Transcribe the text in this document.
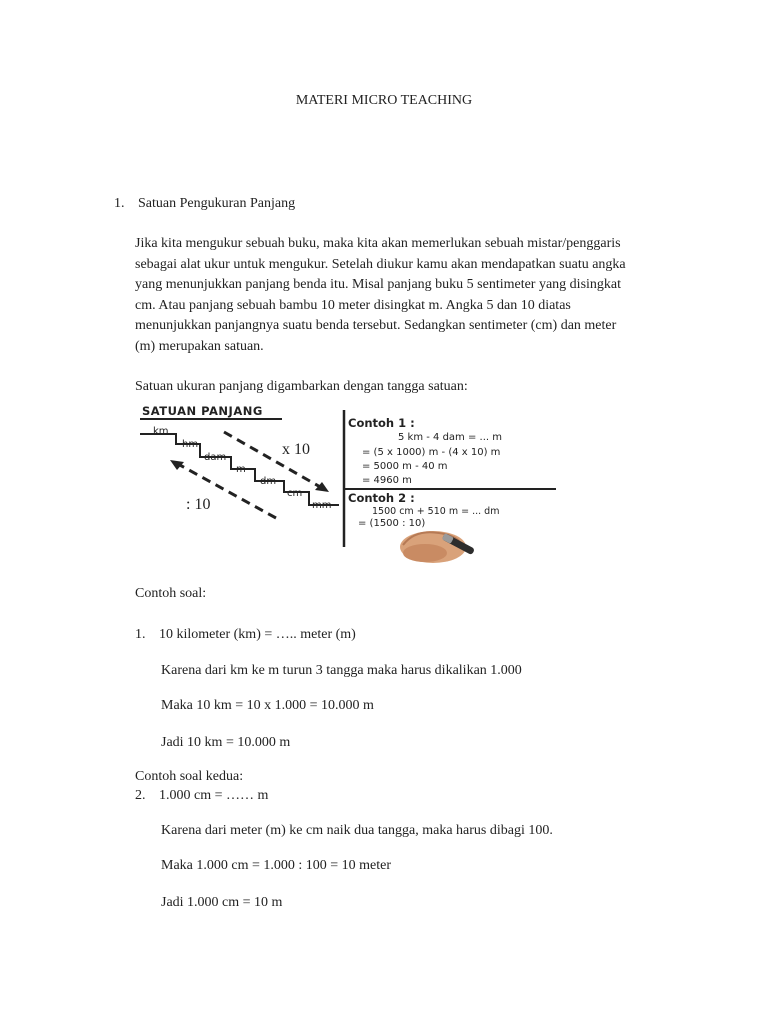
MATERI MICRO TEACHING
1. Satuan Pengukuran Panjang
Jika kita mengukur sebuah buku, maka kita akan memerlukan sebuah mistar/penggaris
sebagai alat ukur untuk mengukur. Setelah diukur kamu akan mendapatkan suatu angka
yang menunjukkan panjang benda itu. Misal panjang buku 5 sentimeter yang disingkat
cm. Atau panjang sebuah bambu 10 meter disingkat m. Angka 5 dan 10 diatas
menunjukkan panjangnya suatu benda tersebut. Sedangkan sentimeter (cm) dan meter
(m) merupakan satuan.
Satuan ukuran panjang digambarkan dengan tangga satuan:
SATUAN PANJANG
km
hm
dam
m
dm
cm
mm
x 10
: 10
Contoh 1 :
5 km - 4 dam = ... m
= (5 x 1000) m - (4 x 10) m
= 5000 m - 40 m
= 4960 m
Contoh 2 :
1500 cm + 510 m = ... dm
= (1500 : 10)
Contoh soal:
1. 10 kilometer (km) = ….. meter (m)
Karena dari km ke m turun 3 tangga maka harus dikalikan 1.000
Maka 10 km = 10 x 1.000 = 10.000 m
Jadi 10 km = 10.000 m
Contoh soal kedua:
2. 1.000 cm = …… m
Karena dari meter (m) ke cm naik dua tangga, maka harus dibagi 100.
Maka 1.000 cm = 1.000 : 100 = 10 meter
Jadi 1.000 cm = 10 m
